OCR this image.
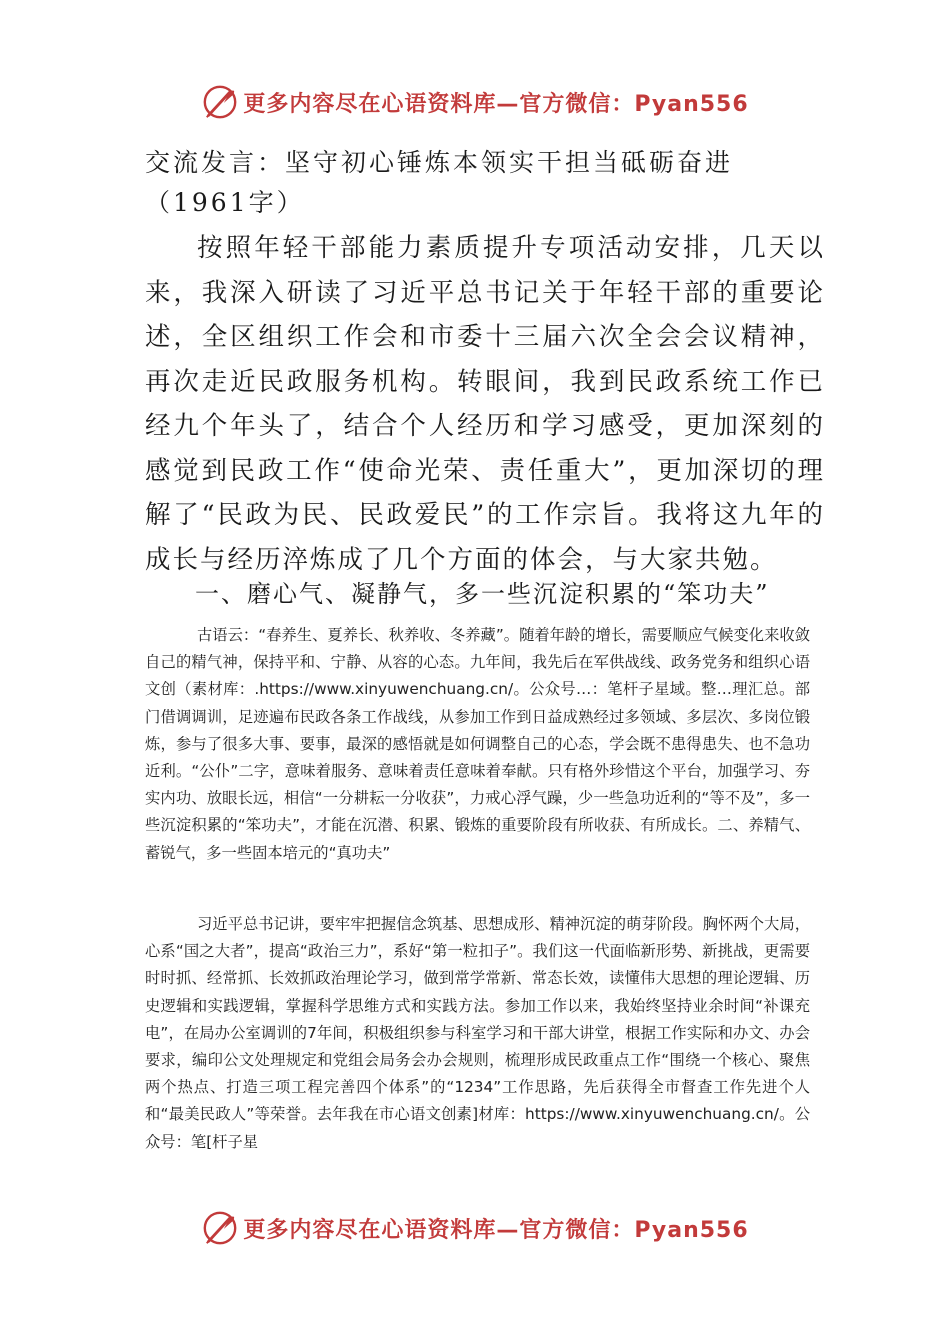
更多内容尽在心语资料库—官方微信：Pyan556
交流发言：坚守初心锤炼本领实干担当砥砺奋进（1961字）

按照年轻干部能力素质提升专项活动安排，几天以来，我深入研读了习近平总书记关于年轻干部的重要论述，全区组织工作会和市委十三届六次全会会议精神，再次走近民政服务机构。转眼间，我到民政系统工作已经九个年头了，结合个人经历和学习感受，更加深刻的感觉到民政工作“使命光荣、责任重大”，更加深切的理解了“民政为民、民政爱民”的工作宗旨。我将这九年的成长与经历淬炼成了几个方面的体会，与大家共勉。

一、磨心气、凝静气，多一些沉淀积累的“笨功夫”

古语云：“春养生、夏养长、秋养收、冬养藏”。随着年龄的增长，需要顺应气候变化来收敛自己的精气神，保持平和、宁静、从容的心态。九年间，我先后在军供战线、政务党务和组织心语文创（素材库：.https://www.xinyuwenchuang.cn/。公众号…：笔杆子星域。整…理汇总。部门借调调训，足迹遍布民政各条工作战线，从参加工作到日益成熟经过多领域、多层次、多岗位锻炼，参与了很多大事、要事，最深的感悟就是如何调整自己的心态，学会既不患得患失、也不急功近利。“公仆”二字，意味着服务、意味着责任意味着奉献。只有格外珍惜这个平台，加强学习、夯实内功、放眼长远，相信“一分耕耘一分收获”，力戒心浮气躁，少一些急功近利的“等不及”，多一些沉淀积累的“笨功夫”，才能在沉潜、积累、锻炼的重要阶段有所收获、有所成长。二、养精气、蓄锐气，多一些固本培元的“真功夫”

习近平总书记讲，要牢牢把握信念筑基、思想成形、精神沉淀的萌芽阶段。胸怀两个大局，心系“国之大者”，提高“政治三力”，系好“第一粒扣子”。我们这一代面临新形势、新挑战，更需要时时抓、经常抓、长效抓政治理论学习，做到常学常新、常态长效，读懂伟大思想的理论逻辑、历史逻辑和实践逻辑，掌握科学思维方式和实践方法。参加工作以来，我始终坚持业余时间“补课充电”，在局办公室调训的7年间，积极组织参与科室学习和干部大讲堂，根据工作实际和办文、办会要求，编印公文处理规定和党组会局务会办会规则，梳理形成民政重点工作“围绕一个核心、聚焦两个热点、打造三项工程完善四个体系”的“1234”工作思路，先后获得全市督查工作先进个人和“最美民政人”等荣誉。去年我在市心语文创素]材库：https://www.xinyuwenchuang.cn/。公众号：笔[杆子星

更多内容尽在心语资料库—官方微信：Pyan556
